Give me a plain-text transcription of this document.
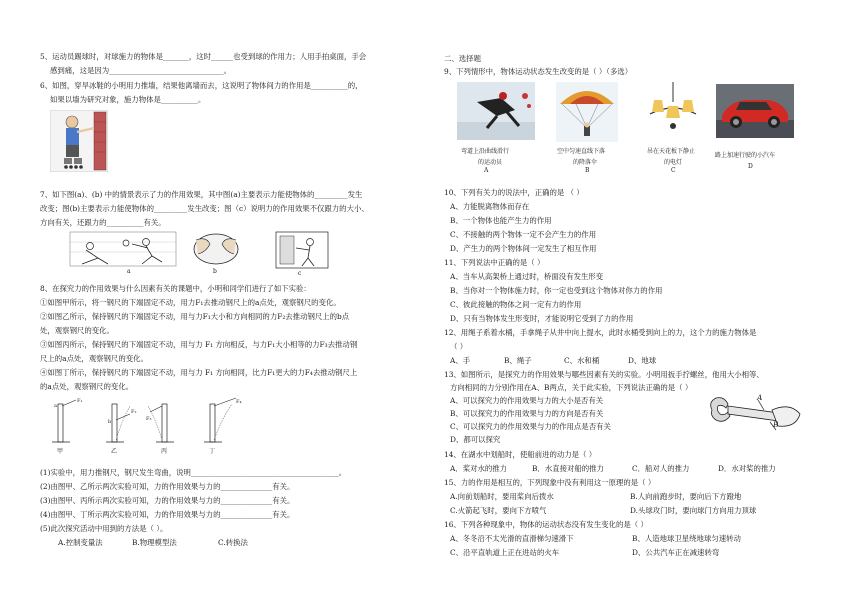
5、运动员踢球时，对球施力的物体是_______，这时______也受到球的作用力；人用手拍桌面，手会
感到痛，这是因为_______________________________。
6、如图，穿旱冰鞋的小明用力推墙，结果他离墙而去，这说明了物体间力的作用是__________的，
如果以墙为研究对象，施力物体是__________。
7、如下图(a)、(b) 中的情景表示了力的作用效果，其中图(a)主要表示力能使物体的_________发生
改变；图(b)主要表示力能使物体的_________发生改变；图（c）说明力的作用效果不仅跟力的大小、
方向有关，还跟力的__________有关。
a	b	c
8、在探究力的作用效果与什么因素有关的课题中，小明和同学们进行了如下实验：
①如图甲所示，将一钢尺的下端固定不动，用力F₁去推动钢尺上的a点处，观察钢尺的变化。
②如图乙所示，保持钢尺的下端固定不动，用与力F₁大小和方向相同的力F₂去推动钢尺上的b点
处，观察钢尺的变化。
③如图丙所示，保持钢尺的下端固定不动，用与力 F₁ 方向相反，与力F₁大小相等的力F₃去推动钢
尺上的a点处，观察钢尺的变化。
④如图丁所示，保持钢尺的下端固定不动，用与力 F₁ 方向相同，比力F₁更大的力F₄去推动钢尺上
的a点处，观察钢尺的变化。
F₁
a
F₂
b	F₃
F₄
甲	乙	丙	丁
(1)实验中，用力推钢尺，钢尺发生弯曲，说明________________________________________。
(2)由图甲、乙所示两次实验可知，力的作用效果与力的______________有关。
(3)由图甲、丙所示两次实验可知，力的作用效果与力的______________有关。
(4)由图甲、丁所示两次实验可知，力的作用效果与力的______________有关。
(5)此次探究活动中用到的方法是（ ）。
A.控制变量法	B.物理模型法	C.转换法
二、选择题
9、下列情形中，物体运动状态发生改变的是（ ）（多选）
弯道上沿曲线滑行
的运动员
A
空中匀速直线下落
的降落伞
B
吊在天花板下静止
的电灯
C
路上加速行驶的小汽车
D
10、下列有关力的说法中，正确的是 （ ）
A、力能脱离物体而存在
B、一个物体也能产生力的作用
C、不接触的两个物体一定不会产生力的作用
D、产生力的两个物体间一定发生了相互作用
11、下列说法中正确的是（ ）
A、当车从高架桥上通过时，桥面没有发生形变
B、当你对一个物体施力时，你一定也受到这个物体对你力的作用
C、彼此接触的物体之间一定有力的作用
D、只有当物体发生形变时，才能说明它受到了力的作用
12、用绳子系着水桶，手拿绳子从井中向上提水，此时水桶受到向上的力，这个力的施力物体是
（ ）
A、手	B、绳子	C、水和桶	D、地球
13、如图所示，是探究力的作用效果与哪些因素有关的实验。小明用扳手拧螺丝，他用大小相等、
方向相同的力分别作用在A、B两点，关于此实验，下列说法正确的是（ ）
A、可以探究力的作用效果与力的大小是否有关
B、可以探究力的作用效果与力的方向是否有关
C、可以探究力的作用效果与力的作用点是否有关
D、都可以探究
A
B
14、在湖水中划船时，使船前进的动力是（ ）
A．桨对水的推力	B．水直接对船的推力	C．船对人的推力	D．水对桨的推力
15、力的作用是相互的，下列现象中没有利用这一原理的是（ ）
A.向前划船时，要用桨向后拨水	B.人向前跑步时，要向后下方蹬地
C.火箭起飞时，要向下方喷气	D.头球攻门时，要向球门方向用力顶球
16、下列各种现象中，物体的运动状态没有发生变化的是（ ）
A、冬冬沿不太光滑的直滑梯匀速滑下	B、人造地球卫星绕地球匀速转动
C、沿平直轨道上正在进站的火车	D、公共汽车正在减速转弯
